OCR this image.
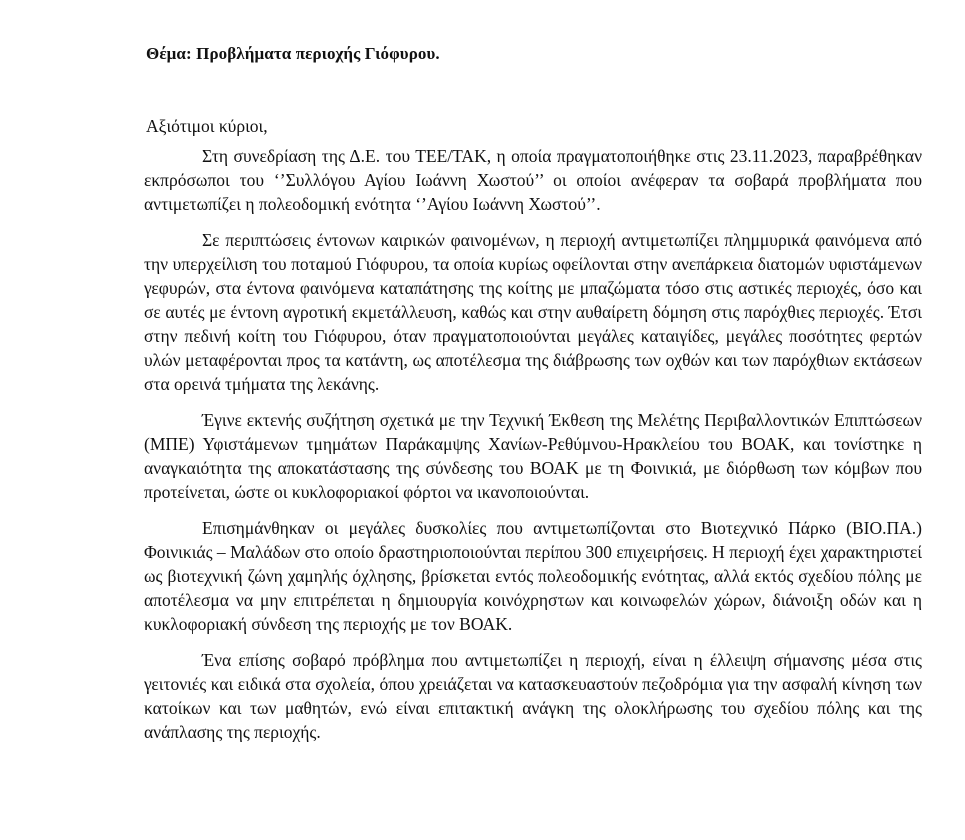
Θέμα: Προβλήματα περιοχής Γιόφυρου.
Αξιότιμοι κύριοι,

Στη συνεδρίαση της Δ.Ε. του ΤΕΕ/ΤΑΚ, η οποία πραγματοποιήθηκε στις 23.11.2023, παραβρέθηκαν εκπρόσωποι του ‘’Συλλόγου Αγίου Ιωάννη Χωστού’’ οι οποίοι ανέφεραν τα σοβαρά προβλήματα που αντιμετωπίζει η πολεοδομική ενότητα ‘’Αγίου Ιωάννη Χωστού’’.

Σε περιπτώσεις έντονων καιρικών φαινομένων, η περιοχή αντιμετωπίζει πλημμυρικά φαινόμενα από την υπερχείλιση του ποταμού Γιόφυρου, τα οποία κυρίως οφείλονται στην ανεπάρκεια διατομών υφιστάμενων γεφυρών, στα έντονα φαινόμενα καταπάτησης της κοίτης με μπαζώματα τόσο στις αστικές περιοχές, όσο και σε αυτές με έντονη αγροτική εκμετάλλευση, καθώς και στην αυθαίρετη δόμηση στις παρόχθιες περιοχές. Έτσι στην πεδινή κοίτη του Γιόφυρου, όταν πραγματοποιούνται μεγάλες καταιγίδες, μεγάλες ποσότητες φερτών υλών μεταφέρονται προς τα κατάντη, ως αποτέλεσμα της διάβρωσης των οχθών και των παρόχθιων εκτάσεων στα ορεινά τμήματα της λεκάνης.

Έγινε εκτενής συζήτηση σχετικά με την Τεχνική Έκθεση της Μελέτης Περιβαλλοντικών Επιπτώσεων (ΜΠΕ) Υφιστάμενων τμημάτων Παράκαμψης Χανίων-Ρεθύμνου-Ηρακλείου του ΒΟΑΚ, και τονίστηκε η αναγκαιότητα της αποκατάστασης της σύνδεσης του ΒΟΑΚ με τη Φοινικιά, με διόρθωση των κόμβων που προτείνεται, ώστε οι κυκλοφοριακοί φόρτοι να ικανοποιούνται.

Επισημάνθηκαν οι μεγάλες δυσκολίες που αντιμετωπίζονται στο Βιοτεχνικό Πάρκο (ΒΙΟ.ΠΑ.) Φοινικιάς – Μαλάδων στο οποίο δραστηριοποιούνται περίπου 300 επιχειρήσεις. Η περιοχή έχει χαρακτηριστεί ως βιοτεχνική ζώνη χαμηλής όχλησης, βρίσκεται εντός πολεοδομικής ενότητας, αλλά εκτός σχεδίου πόλης με αποτέλεσμα να μην επιτρέπεται η δημιουργία κοινόχρηστων και κοινωφελών χώρων, διάνοιξη οδών και η κυκλοφοριακή σύνδεση της περιοχής με τον ΒΟΑΚ.

Ένα επίσης σοβαρό πρόβλημα που αντιμετωπίζει η περιοχή, είναι η έλλειψη σήμανσης μέσα στις γειτονιές και ειδικά στα σχολεία, όπου χρειάζεται να κατασκευαστούν πεζοδρόμια για την ασφαλή κίνηση των κατοίκων και των μαθητών, ενώ είναι επιτακτική ανάγκη της ολοκλήρωσης του σχεδίου πόλης και της ανάπλασης της περιοχής.
